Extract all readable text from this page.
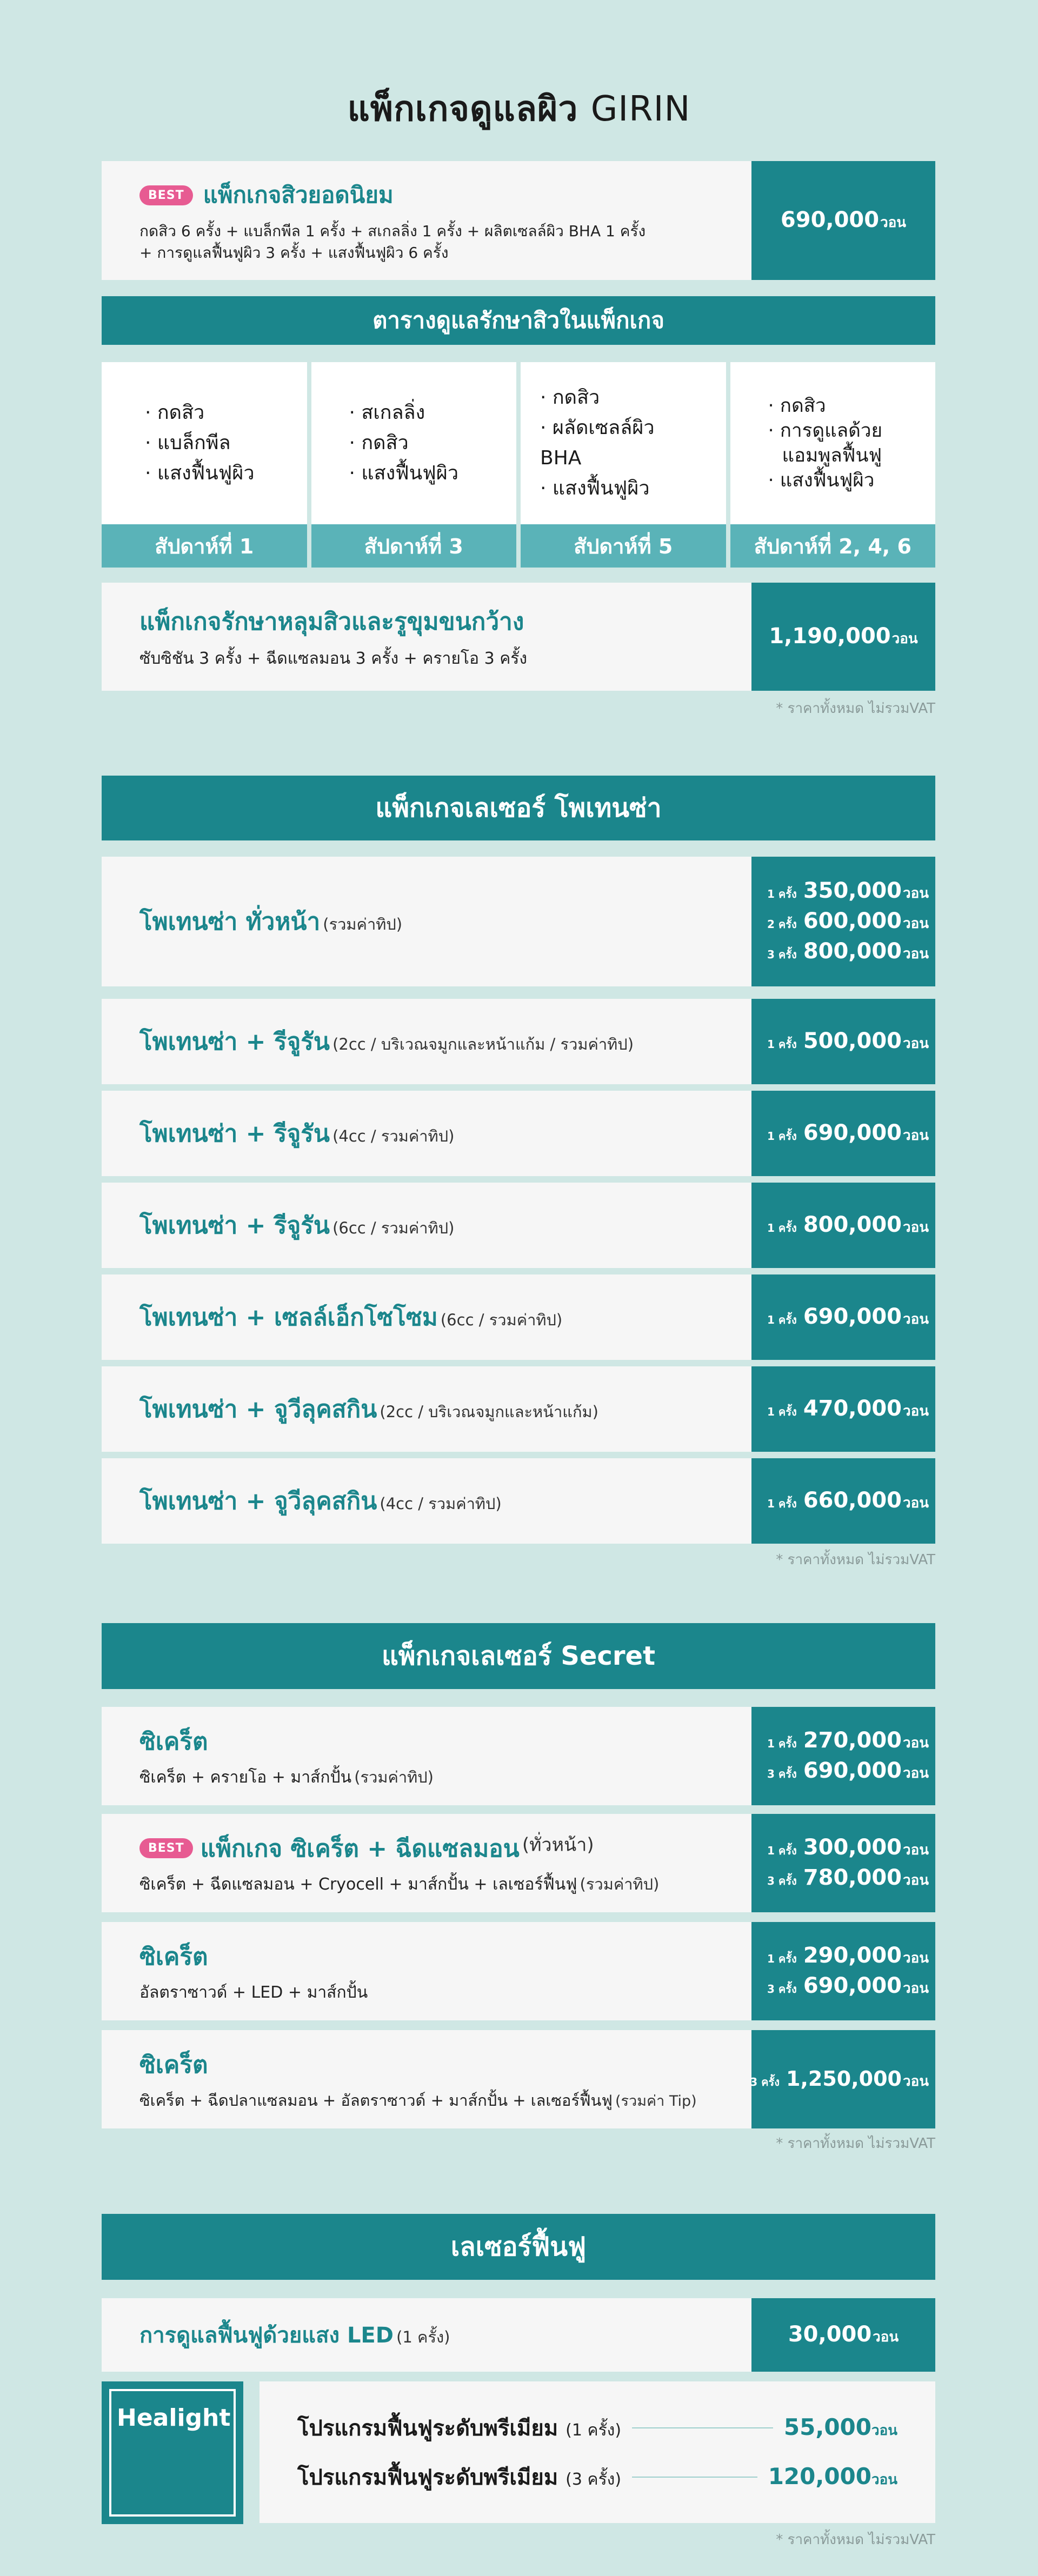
แพ็กเกจดูแลผิว GIRIN
BEST แพ็กเกจสิวยอดนิยม
กดสิว 6 ครั้ง + แบล็กพีล 1 ครั้ง + สเกลลิ่ง 1 ครั้ง + ผลิตเซลล์ผิว BHA 1 ครั้ง
+ การดูแลฟื้นฟูผิว 3 ครั้ง + แสงฟื้นฟูผิว 6 ครั้ง
690,000 วอน
ตารางดูแลรักษาสิวในแพ็กเกจ
· กดสิว
· แบล็กพีล
· แสงฟื้นฟูผิว
สัปดาห์ที่ 1
· สเกลลิ่ง
· กดสิว
· แสงฟื้นฟูผิว
สัปดาห์ที่ 3
· กดสิว
· ผลัดเซลล์ผิว BHA
· แสงฟื้นฟูผิว
สัปดาห์ที่ 5
· กดสิว
· การดูแลด้วย
แอมพูลฟื้นฟู
· แสงฟื้นฟูผิว
สัปดาห์ที่ 2, 4, 6
แพ็กเกจรักษาหลุมสิวและรูขุมขนกว้าง
ซับซิชัน 3 ครั้ง + ฉีดแซลมอน 3 ครั้ง + ครายโอ 3 ครั้ง
1,190,000 วอน
* ราคาทั้งหมด ไม่รวมVAT
แพ็กเกจเลเซอร์ โพเทนซ่า
โพเทนซ่า ทั่วหน้า (รวมค่าทิป)
1 ครั้ง 350,000 วอน
2 ครั้ง 600,000 วอน
3 ครั้ง 800,000 วอน
โพเทนซ่า + รีจูรัน (2cc / บริเวณจมูกและหน้าแก้ม / รวมค่าทิป)	1 ครั้ง 500,000 วอน
โพเทนซ่า + รีจูรัน (4cc / รวมค่าทิป)	1 ครั้ง 690,000 วอน
โพเทนซ่า + รีจูรัน (6cc / รวมค่าทิป)	1 ครั้ง 800,000 วอน
โพเทนซ่า + เซลล์เอ็กโซโซม (6cc / รวมค่าทิป)	1 ครั้ง 690,000 วอน
โพเทนซ่า + จูวีลุคสกิน (2cc / บริเวณจมูกและหน้าแก้ม)	1 ครั้ง 470,000 วอน
โพเทนซ่า + จูวีลุคสกิน (4cc / รวมค่าทิป)	1 ครั้ง 660,000 วอน
* ราคาทั้งหมด ไม่รวมVAT
แพ็กเกจเลเซอร์ Secret
ซิเคร็ต
ซิเคร็ต + ครายโอ + มาส์กปั้น (รวมค่าทิป)
1 ครั้ง 270,000 วอน
3 ครั้ง 690,000 วอน
BEST แพ็กเกจ ซิเคร็ต + ฉีดแซลมอน (ทั่วหน้า)
ซิเคร็ต + ฉีดแซลมอน + Cryocell + มาส์กปั้น + เลเซอร์ฟื้นฟู (รวมค่าทิป)
1 ครั้ง 300,000 วอน
3 ครั้ง 780,000 วอน
ซิเคร็ต
อัลตราซาวด์ + LED + มาส์กปั้น
1 ครั้ง 290,000 วอน
3 ครั้ง 690,000 วอน
ซิเคร็ต
ซิเคร็ต + ฉีดปลาแซลมอน + อัลตราซาวด์ + มาส์กปั้น + เลเซอร์ฟื้นฟู (รวมค่า Tip)
3 ครั้ง 1,250,000 วอน
* ราคาทั้งหมด ไม่รวมVAT
เลเซอร์ฟื้นฟู
การดูแลฟื้นฟูด้วยแสง LED (1 ครั้ง)	30,000 วอน
Healight	โปรแกรมฟื้นฟูระดับพรีเมียม (1 ครั้ง)	55,000วอน
โปรแกรมฟื้นฟูระดับพรีเมียม (3 ครั้ง)	120,000วอน
* ราคาทั้งหมด ไม่รวมVAT
